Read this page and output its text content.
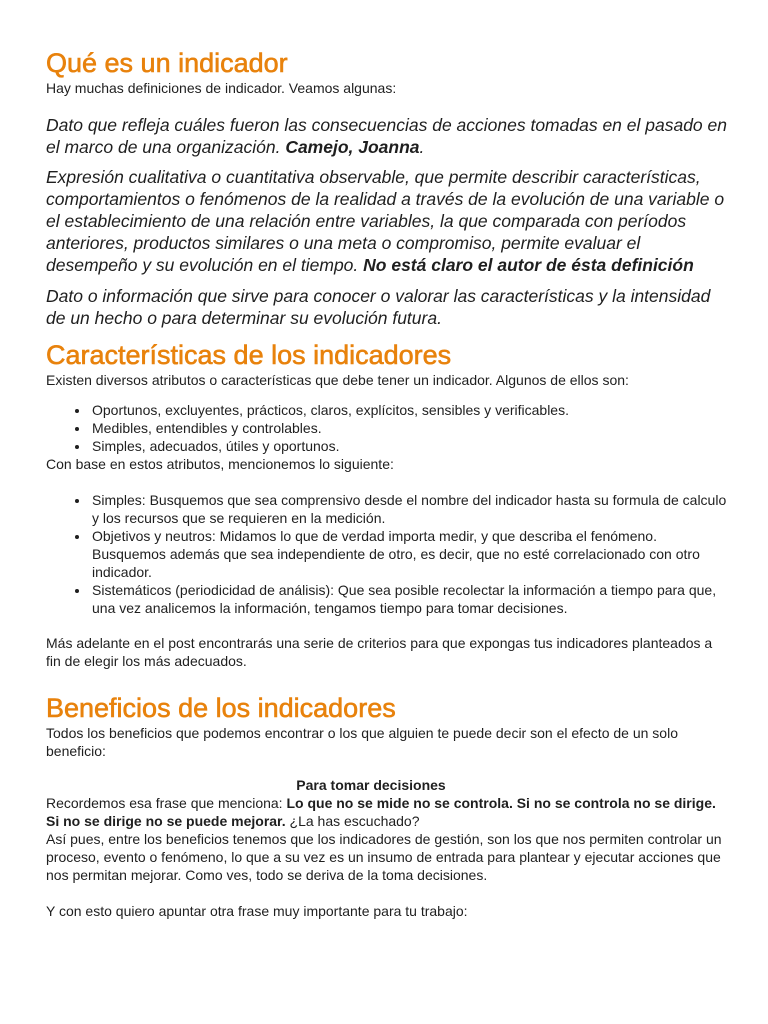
Qué es un indicador

Hay muchas definiciones de indicador. Veamos algunas:

Dato que refleja cuáles fueron las consecuencias de acciones tomadas en el pasado en el marco de una organización. Camejo, Joanna.

Expresión cualitativa o cuantitativa observable, que permite describir características, comportamientos o fenómenos de la realidad a través de la evolución de una variable o el establecimiento de una relación entre variables, la que comparada con períodos anteriores, productos similares o una meta o compromiso, permite evaluar el desempeño y su evolución en el tiempo. No está claro el autor de ésta definición

Dato o información que sirve para conocer o valorar las características y la intensidad de un hecho o para determinar su evolución futura.

Características de los indicadores

Existen diversos atributos o características que debe tener un indicador. Algunos de ellos son:

• Oportunos, excluyentes, prácticos, claros, explícitos, sensibles y verificables.
• Medibles, entendibles y controlables.
• Simples, adecuados, útiles y oportunos.

Con base en estos atributos, mencionemos lo siguiente:

• Simples: Busquemos que sea comprensivo desde el nombre del indicador hasta su formula de calculo y los recursos que se requieren en la medición.
• Objetivos y neutros: Midamos lo que de verdad importa medir, y que describa el fenómeno. Busquemos además que sea independiente de otro, es decir, que no esté correlacionado con otro indicador.
• Sistemáticos (periodicidad de análisis): Que sea posible recolectar la información a tiempo para que, una vez analicemos la información, tengamos tiempo para tomar decisiones.

Más adelante en el post encontrarás una serie de criterios para que expongas tus indicadores planteados a fin de elegir los más adecuados.

Beneficios de los indicadores

Todos los beneficios que podemos encontrar o los que alguien te puede decir son el efecto de un solo beneficio:

Para tomar decisiones

Recordemos esa frase que menciona: Lo que no se mide no se controla. Si no se controla no se dirige. Si no se dirige no se puede mejorar. ¿La has escuchado?

Así pues, entre los beneficios tenemos que los indicadores de gestión, son los que nos permiten controlar un proceso, evento o fenómeno, lo que a su vez es un insumo de entrada para plantear y ejecutar acciones que nos permitan mejorar. Como ves, todo se deriva de la toma decisiones.

Y con esto quiero apuntar otra frase muy importante para tu trabajo:
